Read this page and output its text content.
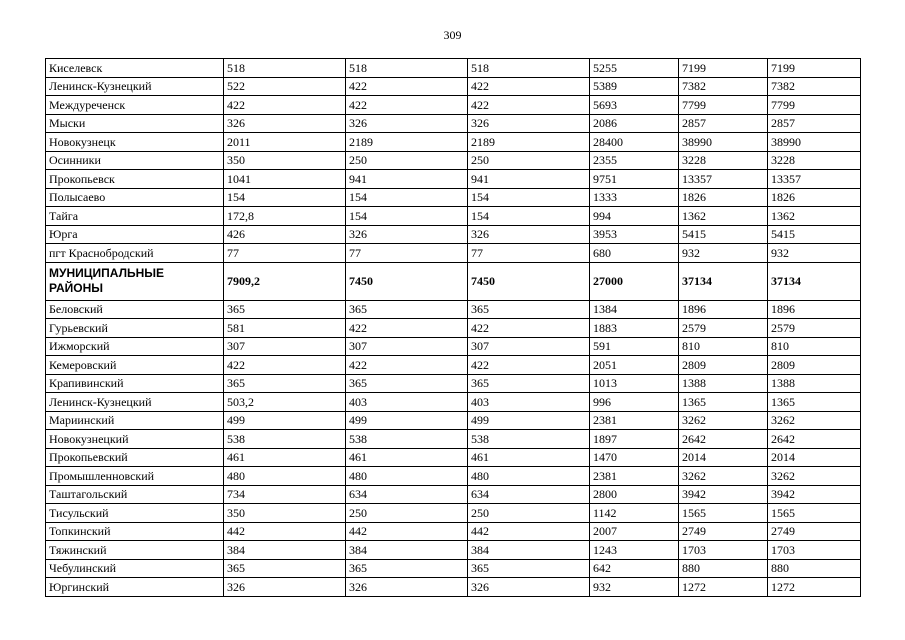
309
Киселевск	518	518	518	5255	7199	7199
Ленинск-Кузнецкий	522	422	422	5389	7382	7382
Междуреченск	422	422	422	5693	7799	7799
Мыски	326	326	326	2086	2857	2857
Новокузнецк	2011	2189	2189	28400	38990	38990
Осинники	350	250	250	2355	3228	3228
Прокопьевск	1041	941	941	9751	13357	13357
Полысаево	154	154	154	1333	1826	1826
Тайга	172,8	154	154	994	1362	1362
Юрга	426	326	326	3953	5415	5415
пгт Краснобродский	77	77	77	680	932	932
МУНИЦИПАЛЬНЫЕ РАЙОНЫ	7909,2	7450	7450	27000	37134	37134
Беловский	365	365	365	1384	1896	1896
Гурьевский	581	422	422	1883	2579	2579
Ижморский	307	307	307	591	810	810
Кемеровский	422	422	422	2051	2809	2809
Крапивинский	365	365	365	1013	1388	1388
Ленинск-Кузнецкий	503,2	403	403	996	1365	1365
Мариинский	499	499	499	2381	3262	3262
Новокузнецкий	538	538	538	1897	2642	2642
Прокопьевский	461	461	461	1470	2014	2014
Промышленновский	480	480	480	2381	3262	3262
Таштагольский	734	634	634	2800	3942	3942
Тисульский	350	250	250	1142	1565	1565
Топкинский	442	442	442	2007	2749	2749
Тяжинский	384	384	384	1243	1703	1703
Чебулинский	365	365	365	642	880	880
Юргинский	326	326	326	932	1272	1272
